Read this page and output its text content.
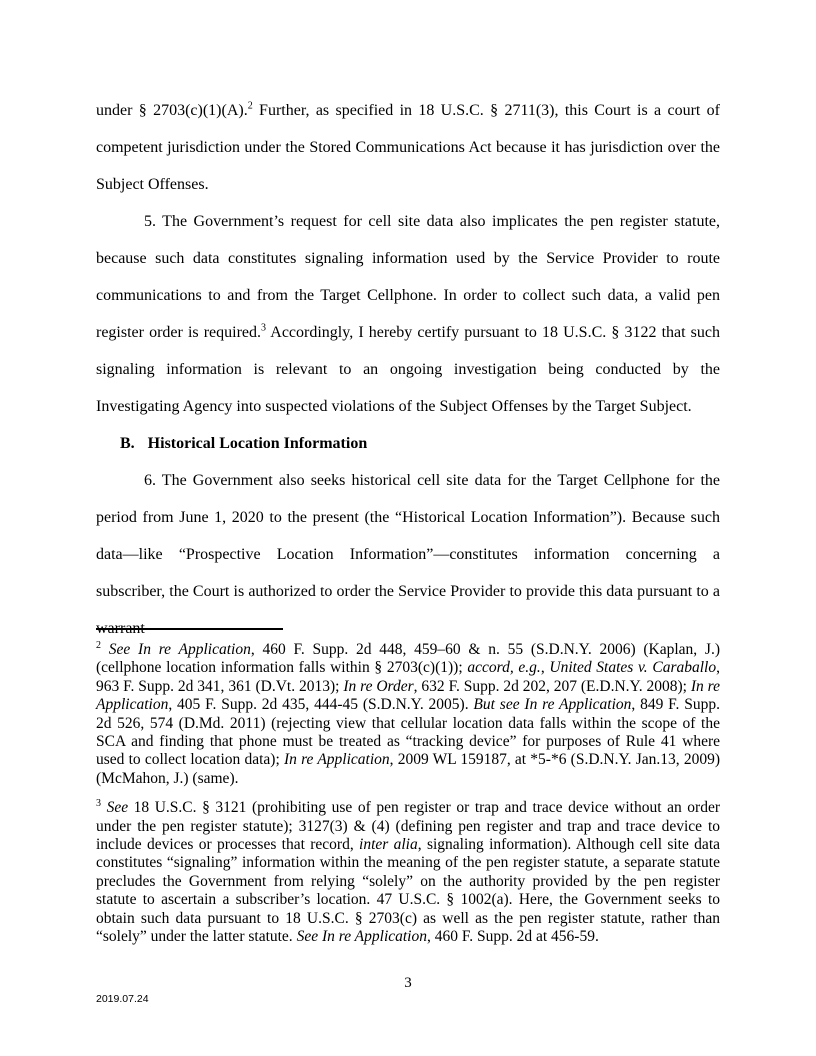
under § 2703(c)(1)(A).$^2$ Further, as specified in 18 U.S.C. § 2711(3), this Court is a court of competent jurisdiction under the Stored Communications Act because it has jurisdiction over the Subject Offenses.

5. The Government’s request for cell site data also implicates the pen register statute, because such data constitutes signaling information used by the Service Provider to route communications to and from the Target Cellphone. In order to collect such data, a valid pen register order is required.$^3$ Accordingly, I hereby certify pursuant to 18 U.S.C. § 3122 that such signaling information is relevant to an ongoing investigation being conducted by the Investigating Agency into suspected violations of the Subject Offenses by the Target Subject.

B. Historical Location Information

6. The Government also seeks historical cell site data for the Target Cellphone for the period from June 1, 2020 to the present (the “Historical Location Information”). Because such data—like “Prospective Location Information”—constitutes information concerning a subscriber, the Court is authorized to order the Service Provider to provide this data pursuant to a warrant

$^2$ See In re Application, 460 F. Supp. 2d 448, 459–60 & n. 55 (S.D.N.Y. 2006) (Kaplan, J.) (cellphone location information falls within § 2703(c)(1)); accord, e.g., United States v. Caraballo, 963 F. Supp. 2d 341, 361 (D.Vt. 2013); In re Order, 632 F. Supp. 2d 202, 207 (E.D.N.Y. 2008); In re Application, 405 F. Supp. 2d 435, 444-45 (S.D.N.Y. 2005). But see In re Application, 849 F. Supp. 2d 526, 574 (D.Md. 2011) (rejecting view that cellular location data falls within the scope of the SCA and finding that phone must be treated as “tracking device” for purposes of Rule 41 where used to collect location data); In re Application, 2009 WL 159187, at *5-*6 (S.D.N.Y. Jan.13, 2009) (McMahon, J.) (same).

$^3$ See 18 U.S.C. § 3121 (prohibiting use of pen register or trap and trace device without an order under the pen register statute); 3127(3) & (4) (defining pen register and trap and trace device to include devices or processes that record, inter alia, signaling information). Although cell site data constitutes “signaling” information within the meaning of the pen register statute, a separate statute precludes the Government from relying “solely” on the authority provided by the pen register statute to ascertain a subscriber’s location. 47 U.S.C. § 1002(a). Here, the Government seeks to obtain such data pursuant to 18 U.S.C. § 2703(c) as well as the pen register statute, rather than “solely” under the latter statute. See In re Application, 460 F. Supp. 2d at 456-59.

3
2019.07.24
